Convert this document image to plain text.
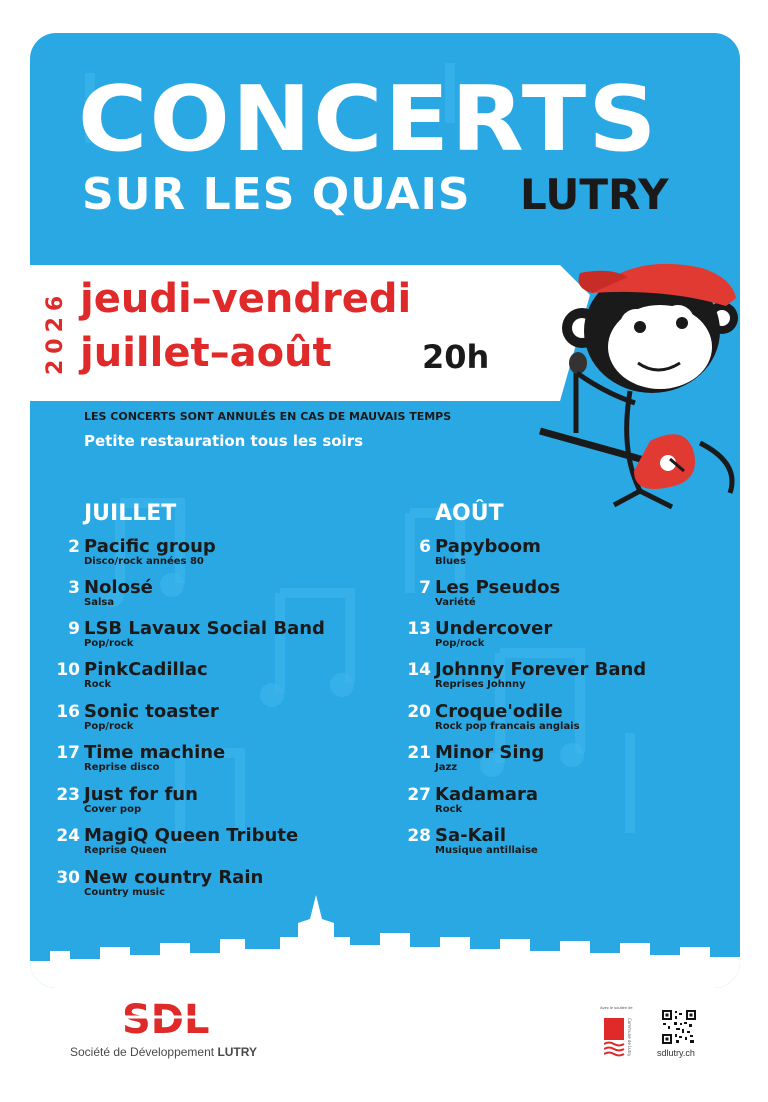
CONCERTS
SUR LES QUAIS LUTRY
2026 jeudi–vendredi

juillet–août	20h

LES CONCERTS SONT ANNULÉS EN CAS DE MAUVAIS TEMPS

Petite restauration tous les soirs

JUILLET
2 Pacific group
Disco/rock années 80
3 Nolosé
Salsa
9 LSB Lavaux Social Band
Pop/rock
10 PinkCadillac
Rock
16 Sonic toaster
Pop/rock
17 Time machine
Reprise disco
23 Just for fun
Cover pop
24 MagiQ Queen Tribute
Reprise Queen
30 New country Rain
Country music
AOÛT
6 Papyboom
Blues
7 Les Pseudos
Variété
13 Undercover
Pop/rock
14 Johnny Forever Band
Reprises Johnny
20 Croque'odile
Rock pop francais anglais
21 Minor Sing
Jazz
27 Kadamara
Rock
28 Sa-Kail
Musique antillaise
SDL

Société de Développement LUTRY

Avec le soutien de
Commune de Lutry	sdlutry.ch
